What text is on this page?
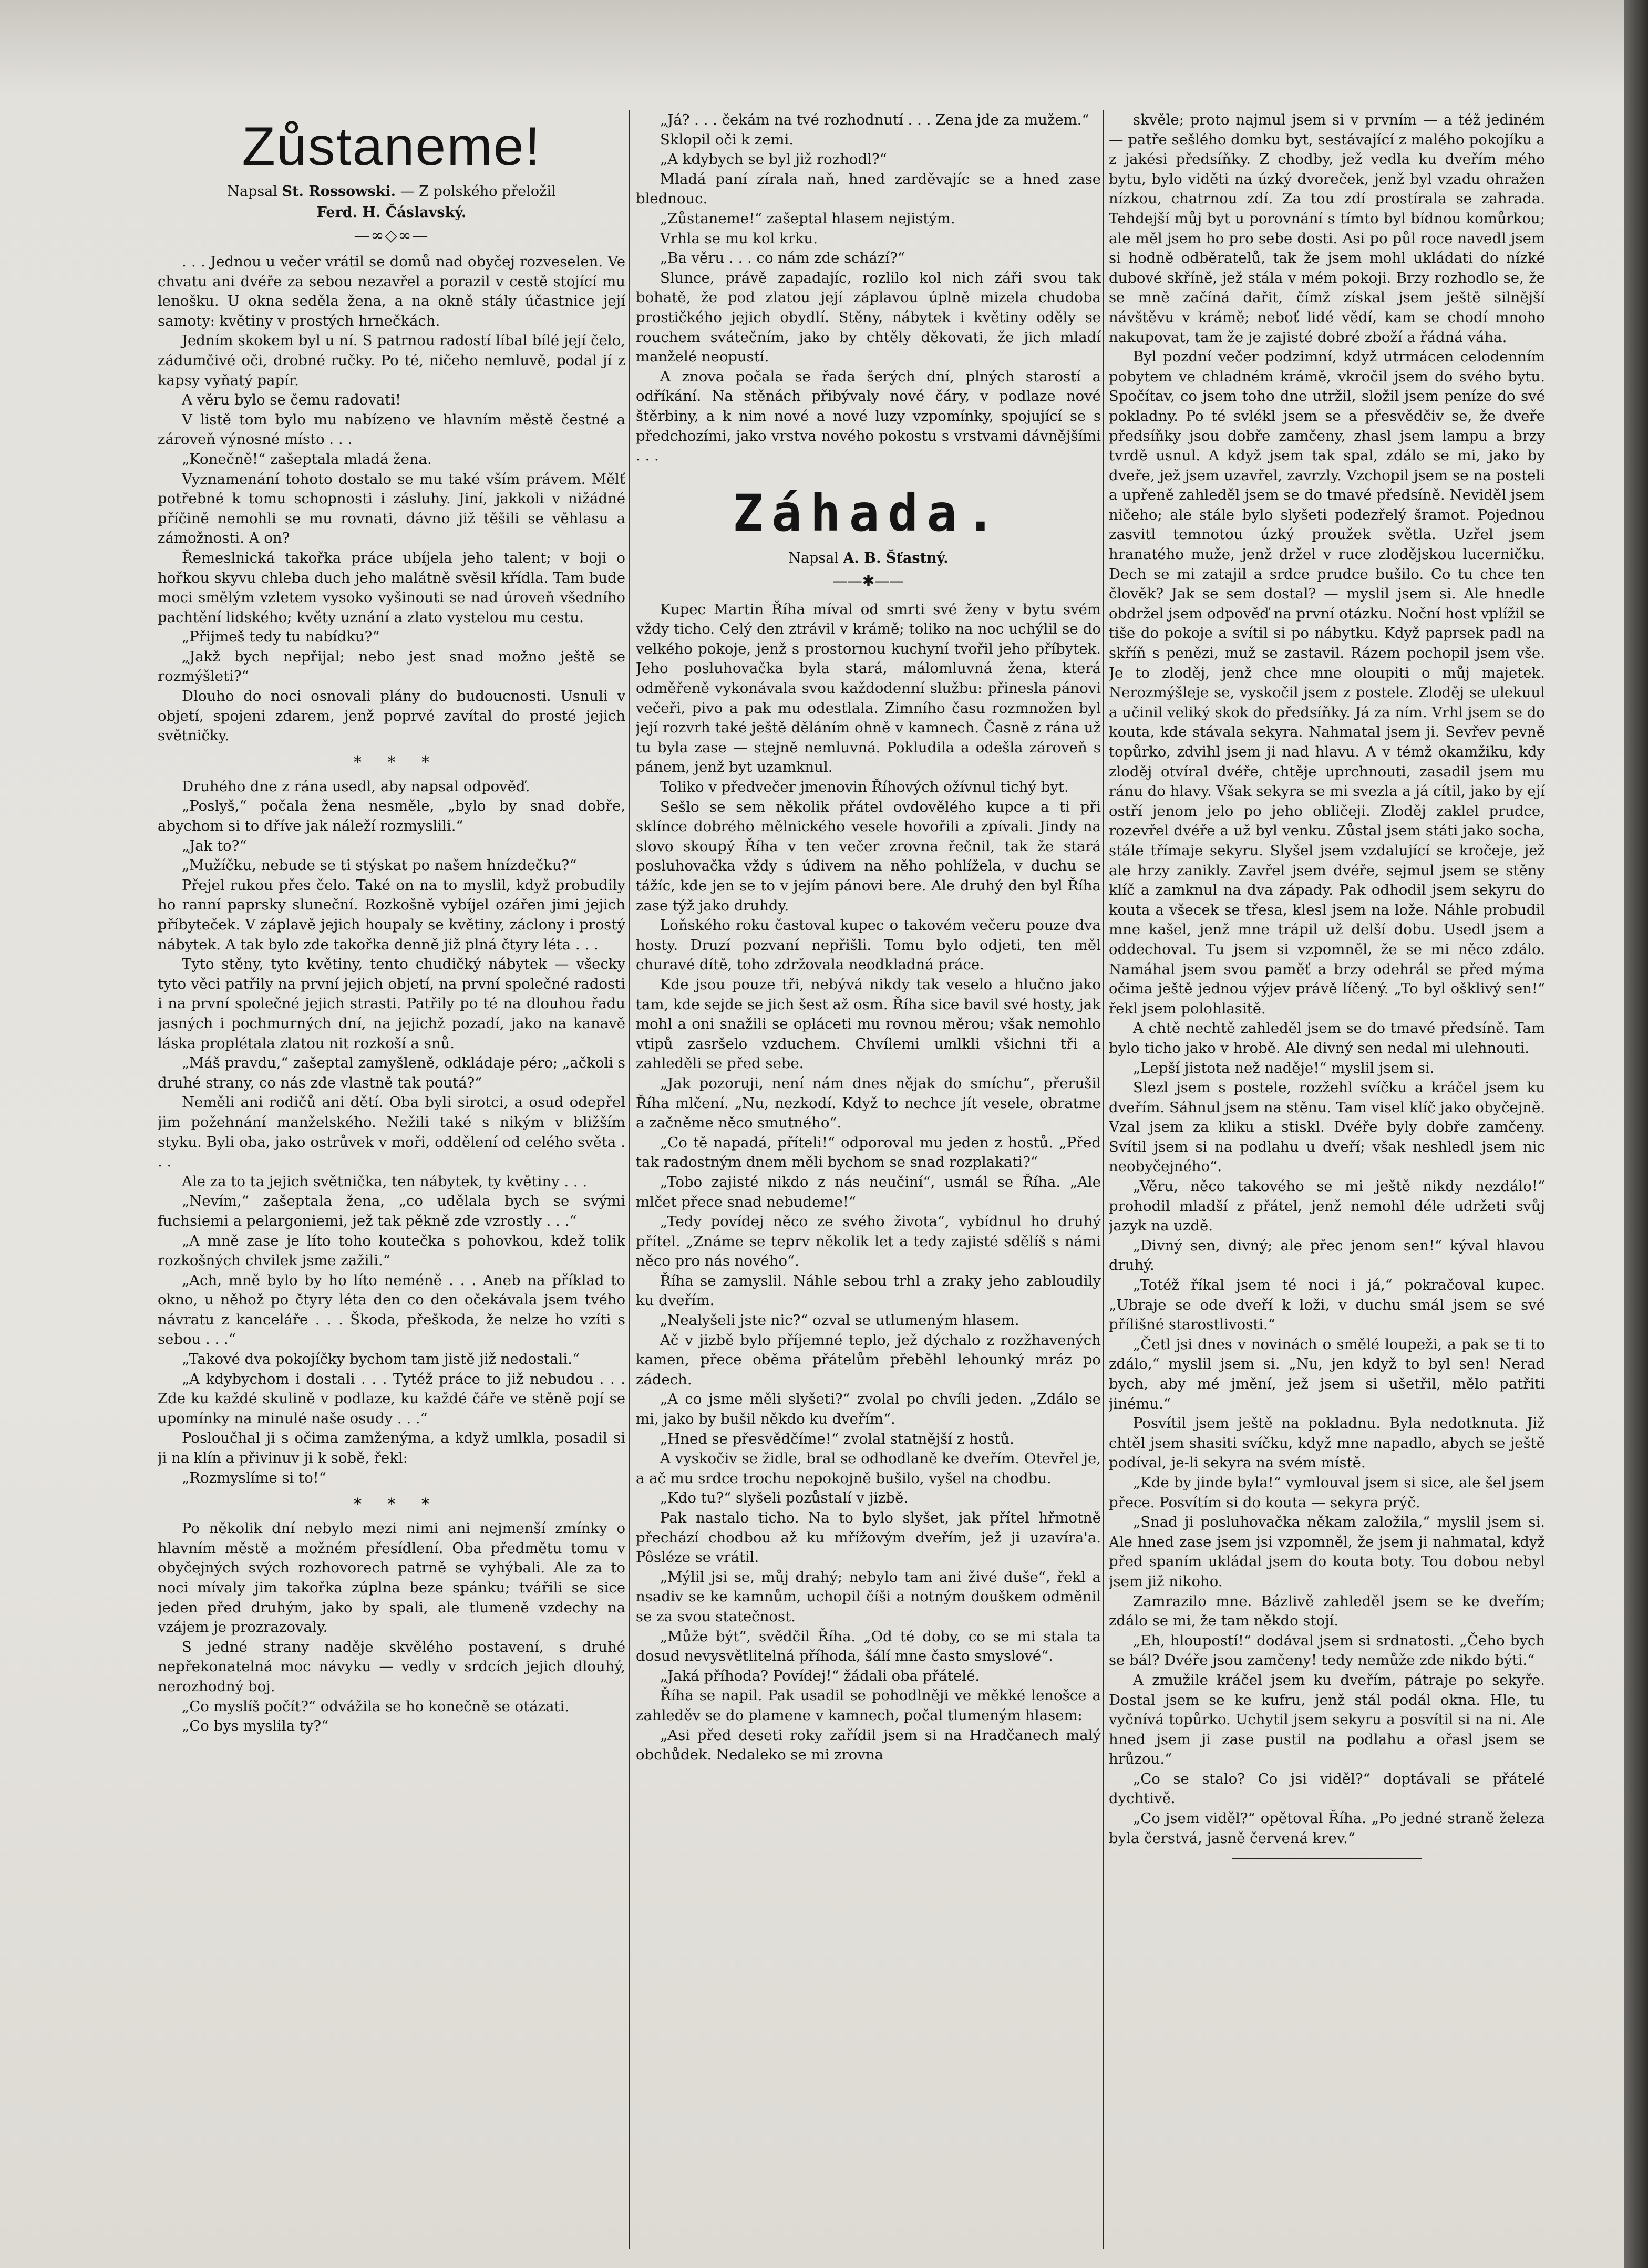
Zůstaneme!

Napsal St. Rossowski. — Z polského přeložil

Ferd. H. Čáslavský.

—∞◇∞—

. . . Jednou u večer vrátil se domů nad obyčej rozveselen. Ve chvatu ani dvéře za sebou nezavřel a porazil v cestě stojící mu lenošku. U okna seděla žena, a na okně stály účastnice její samoty: květiny v prostých hrnečkách.

Jedním skokem byl u ní. S patrnou radostí líbal bílé její čelo, zádumčivé oči, drobné ručky. Po té, ničeho nemluvě, podal jí z kapsy vyňatý papír.

A věru bylo se čemu radovati!

V listě tom bylo mu nabízeno ve hlavním městě čestné a zároveň výnosné místo . . .

„Konečně!“ zašeptala mladá žena.

Vyznamenání tohoto dostalo se mu také vším právem. Mělť potřebné k tomu schopnosti i zásluhy. Jiní, jakkoli v nižádné příčině nemohli se mu rovnati, dávno již těšili se věhlasu a zámožnosti. A on?

Řemeslnická takořka práce ubíjela jeho talent; v boji o hořkou skyvu chleba duch jeho malátně svěsil křídla. Tam bude moci smělým vzletem vysoko vyšinouti se nad úroveň všedního pachtění lidského; květy uznání a zlato vystelou mu cestu.

„Přijmeš tedy tu nabídku?“

„Jakž bych nepřijal; nebo jest snad možno ještě se rozmýšleti?“

Dlouho do noci osnovali plány do budoucnosti. Usnuli v objetí, spojeni zdarem, jenž poprvé zavítal do prosté jejich světničky.

* * *

Druhého dne z rána usedl, aby napsal odpověď.

„Poslyš,“ počala žena nesměle, „bylo by snad dobře, abychom si to dříve jak náleží rozmyslili.“

„Jak to?“

„Mužíčku, nebude se ti stýskat po našem hnízdečku?“

Přejel rukou přes čelo. Také on na to myslil, když probudily ho ranní paprsky sluneční. Rozkošně vybíjel ozářen jimi jejich příbyteček. V záplavě jejich houpaly se květiny, záclony i prostý nábytek. A tak bylo zde takořka denně již plná čtyry léta . . .

Tyto stěny, tyto květiny, tento chudičký nábytek — všecky tyto věci patřily na první jejich objetí, na první společné radosti i na první společné jejich strasti. Patřily po té na dlouhou řadu jasných i pochmurných dní, na jejichž pozadí, jako na kanavě láska proplétala zlatou nit rozkoší a snů.

„Máš pravdu,“ zašeptal zamyšleně, odkládaje péro; „ačkoli s druhé strany, co nás zde vlastně tak poutá?“

Neměli ani rodičů ani dětí. Oba byli sirotci, a osud odepřel jim požehnání manželského. Nežili také s nikým v bližším styku. Byli oba, jako ostrůvek v moři, oddělení od celého světa . . .

Ale za to ta jejich světnička, ten nábytek, ty květiny . . .

„Nevím,“ zašeptala žena, „co udělala bych se svými fuchsiemi a pelargoniemi, jež tak pěkně zde vzrostly . . .“

„A mně zase je líto toho koutečka s pohovkou, kdež tolik rozkošných chvilek jsme zažili.“

„Ach, mně bylo by ho líto neméně . . . Aneb na příklad to okno, u něhož po čtyry léta den co den očekávala jsem tvého návratu z kanceláře . . . Škoda, přeškoda, že nelze ho vzíti s sebou . . .“

„Takové dva pokojíčky bychom tam jistě již nedostali.“

„A kdybychom i dostali . . . Tytéž práce to již nebudou . . . Zde ku každé skulině v podlaze, ku každé čáře ve stěně pojí se upomínky na minulé naše osudy . . .“

Posloučhal ji s očima zamženýma, a když umlkla, posadil si ji na klín a přivinuv ji k sobě, řekl:

„Rozmyslíme si to!“

* * *

Po několik dní nebylo mezi nimi ani nejmenší zmínky o hlavním městě a možném přesídlení. Oba předmětu tomu v obyčejných svých rozhovorech patrně se vyhýbali. Ale za to noci mívaly jim takořka zúplna beze spánku; tvářili se sice jeden před druhým, jako by spali, ale tlumeně vzdechy na vzájem je prozrazovaly.

S jedné strany naděje skvělého postavení, s druhé nepřekonatelná moc návyku — vedly v srdcích jejich dlouhý, nerozhodný boj.

„Co myslíš počít?“ odvážila se ho konečně se otázati.

„Co bys myslila ty?“

„Já? . . . čekám na tvé rozhodnutí . . . Zena jde za mužem.“

Sklopil oči k zemi.

„A kdybych se byl již rozhodl?“

Mladá paní zírala naň, hned zarděvajíc se a hned zase blednouc.

„Zůstaneme!“ zašeptal hlasem nejistým.

Vrhla se mu kol krku.

„Ba věru . . . co nám zde schází?“

Slunce, právě zapadajíc, rozlilo kol nich záři svou tak bohatě, že pod zlatou její záplavou úplně mizela chudoba prostičkého jejich obydlí. Stěny, nábytek i květiny oděly se rouchem svátečním, jako by chtěly děkovati, že jich mladí manželé neopustí.

A znova počala se řada šerých dní, plných starostí a odříkání. Na stěnách přibývaly nové čáry, v podlaze nové štěrbiny, a k nim nové a nové luzy vzpomínky, spojující se s předchozími, jako vrstva nového pokostu s vrstvami dávnějšími . . .

Záhada.

Napsal A. B. Šťastný.

——✱——

Kupec Martin Říha míval od smrti své ženy v bytu svém vždy ticho. Celý den ztrávil v krámě; toliko na noc uchýlil se do velkého pokoje, jenž s prostornou kuchyní tvořil jeho příbytek. Jeho posluhovačka byla stará, málomluvná žena, která odměřeně vykonávala svou každodenní službu: přinesla pánovi večeři, pivo a pak mu odestlala. Zimního času rozmnožen byl její rozvrh také ještě děláním ohně v kamnech. Časně z rána už tu byla zase — stejně nemluvná. Pokludila a odešla zároveň s pánem, jenž byt uzamknul.

Toliko v předvečer jmenovin Říhových ožívnul tichý byt.

Sešlo se sem několik přátel ovdovělého kupce a ti při sklínce dobrého mělnického vesele hovořili a zpívali. Jindy na slovo skoupý Říha v ten večer zrovna řečnil, tak že stará posluhovačka vždy s údivem na něho pohlížela, v duchu se tážíc, kde jen se to v jejím pánovi bere. Ale druhý den byl Říha zase týž jako druhdy.

Loňského roku častoval kupec o takovém večeru pouze dva hosty. Druzí pozvaní nepřišli. Tomu bylo odjeti, ten měl churavé dítě, toho zdržovala neodkladná práce.

Kde jsou pouze tři, nebývá nikdy tak veselo a hlučno jako tam, kde sejde se jich šest až osm. Říha sice bavil své hosty, jak mohl a oni snažili se opláceti mu rovnou měrou; však nemohlo vtipů zasršelo vzduchem. Chvílemi umlkli všichni tři a zahleděli se před sebe.

„Jak pozoruji, není nám dnes nějak do smíchu“, přerušil Říha mlčení. „Nu, nezkodí. Když to nechce jít vesele, obratme a začněme něco smutného“.

„Co tě napadá, příteli!“ odporoval mu jeden z hostů. „Před tak radostným dnem měli bychom se snad rozplakati?“

„Tobo zajisté nikdo z nás neučiní“, usmál se Říha. „Ale mlčet přece snad nebudeme!“

„Tedy povídej něco ze svého života“, vybídnul ho druhý přítel. „Známe se teprv několik let a tedy zajisté sdělíš s námi něco pro nás nového“.

Říha se zamyslil. Náhle sebou trhl a zraky jeho zabloudily ku dveřím.

„Nealyšeli jste nic?“ ozval se utlumeným hlasem.

Ač v jizbě bylo příjemné teplo, jež dýchalo z rozžhavených kamen, přece oběma přátelům přeběhl lehounký mráz po zádech.

„A co jsme měli slyšeti?“ zvolal po chvíli jeden. „Zdálo se mi, jako by bušil někdo ku dveřím“.

„Hned se přesvědčíme!“ zvolal statnější z hostů.

A vyskočiv se židle, bral se odhodlaně ke dveřím. Otevřel je, a ač mu srdce trochu nepokojně bušilo, vyšel na chodbu.

„Kdo tu?“ slyšeli pozůstalí v jizbě.

Pak nastalo ticho. Na to bylo slyšet, jak přítel hřmotně přechází chodbou až ku mřížovým dveřím, jež ji uzavíra'a. Pôsléze se vrátil.

„Mýlil jsi se, můj drahý; nebylo tam ani živé duše“, řekl a nsadiv se ke kamnům, uchopil číši a notným douškem odměnil se za svou statečnost.

„Může být“, svědčil Říha. „Od té doby, co se mi stala ta dosud nevysvětlitelná příhoda, šálí mne často smyslové“.

„Jaká příhoda? Povídej!“ žádali oba přátelé.

Říha se napil. Pak usadil se pohodlněji ve měkké lenošce a zahleděv se do plamene v kamnech, počal tlumeným hlasem:

„Asi před deseti roky zařídil jsem si na Hradčanech malý obchůdek. Nedaleko se mi zrovna

skvěle; proto najmul jsem si v prvním — a též jediném — patře sešlého domku byt, sestávající z malého pokojíku a z jakési předsíňky. Z chodby, jež vedla ku dveřím mého bytu, bylo viděti na úzký dvoreček, jenž byl vzadu ohražen nízkou, chatrnou zdí. Za tou zdí prostírala se zahrada. Tehdejší můj byt u porovnání s tímto byl bídnou komůrkou; ale měl jsem ho pro sebe dosti. Asi po půl roce navedl jsem si hodně odběratelů, tak že jsem mohl ukládati do nízké dubové skříně, jež stála v mém pokoji. Brzy rozhodlo se, že se mně začíná dařit, čímž získal jsem ještě silnější návštěvu v krámě; neboť lidé vědí, kam se chodí mnoho nakupovat, tam že je zajisté dobré zboží a řádná váha.

Byl pozdní večer podzimní, když utrmácen celodenním pobytem ve chladném krámě, vkročil jsem do svého bytu. Spočítav, co jsem toho dne utržil, složil jsem peníze do své pokladny. Po té svlékl jsem se a přesvědčiv se, že dveře předsíňky jsou dobře zamčeny, zhasl jsem lampu a brzy tvrdě usnul. A když jsem tak spal, zdálo se mi, jako by dveře, jež jsem uzavřel, zavrzly. Vzchopil jsem se na posteli a upřeně zahleděl jsem se do tmavé předsíně. Neviděl jsem ničeho; ale stále bylo slyšeti podezřelý šramot. Pojednou zasvitl temnotou úzký proužek světla. Uzřel jsem hranatého muže, jenž držel v ruce zlodějskou lucerničku. Dech se mi zatajil a srdce prudce bušilo. Co tu chce ten člověk? Jak se sem dostal? — myslil jsem si. Ale hnedle obdržel jsem odpověď na první otázku. Noční host vplížil se tiše do pokoje a svítil si po nábytku. Když paprsek padl na skříň s penězi, muž se zastavil. Rázem pochopil jsem vše. Je to zloděj, jenž chce mne oloupiti o můj majetek. Nerozmýšleje se, vyskočil jsem z postele. Zloděj se ulekuul a učinil veliký skok do předsíňky. Já za ním. Vrhl jsem se do kouta, kde stávala sekyra. Nahmatal jsem ji. Sevřev pevně topůrko, zdvihl jsem ji nad hlavu. A v témž okamžiku, kdy zloděj otvíral dvéře, chtěje uprchnouti, zasadil jsem mu ránu do hlavy. Však sekyra se mi svezla a já cítil, jako by ejí ostří jenom jelo po jeho obličeji. Zloděj zaklel prudce, rozevřel dvéře a už byl venku. Zůstal jsem státi jako socha, stále třímaje sekyru. Slyšel jsem vzdalující se kročeje, jež ale hrzy zanikly. Zavřel jsem dvéře, sejmul jsem se stěny klíč a zamknul na dva západy. Pak odhodil jsem sekyru do kouta a všecek se třesa, klesl jsem na lože. Náhle probudil mne kašel, jenž mne trápil už delší dobu. Usedl jsem a oddechoval. Tu jsem si vzpomněl, že se mi něco zdálo. Namáhal jsem svou paměť a brzy odehrál se před mýma očima ještě jednou výjev právě líčený. „To byl ošklivý sen!“ řekl jsem polohlasitě.

A chtě nechtě zahleděl jsem se do tmavé předsíně. Tam bylo ticho jako v hrobě. Ale divný sen nedal mi ulehnouti.

„Lepší jistota než naděje!“ myslil jsem si.

Slezl jsem s postele, rozžehl svíčku a kráčel jsem ku dveřím. Sáhnul jsem na stěnu. Tam visel klíč jako obyčejně. Vzal jsem za kliku a stiskl. Dvéře byly dobře zamčeny. Svítil jsem si na podlahu u dveří; však neshledl jsem nic neobyčejného“.

„Věru, něco takového se mi ještě nikdy nezdálo!“ prohodil mladší z přátel, jenž nemohl déle udržeti svůj jazyk na uzdě.

„Divný sen, divný; ale přec jenom sen!“ kýval hlavou druhý.

„Totéž říkal jsem té noci i já,“ pokračoval kupec. „Ubraje se ode dveří k loži, v duchu smál jsem se své přílišné starostlivosti.“

„Četl jsi dnes v novinách o smělé loupeži, a pak se ti to zdálo,“ myslil jsem si. „Nu, jen když to byl sen! Nerad bych, aby mé jmění, jež jsem si ušetřil, mělo patřiti jinému.“

Posvítil jsem ještě na pokladnu. Byla nedotknuta. Již chtěl jsem shasiti svíčku, když mne napadlo, abych se ještě podíval, je-li sekyra na svém místě.

„Kde by jinde byla!“ vymlouval jsem si sice, ale šel jsem přece. Posvítím si do kouta — sekyra prýč.

„Snad ji posluhovačka někam založila,“ myslil jsem si. Ale hned zase jsem jsi vzpomněl, že jsem ji nahmatal, když před spaním ukládal jsem do kouta boty. Tou dobou nebyl jsem již nikoho.

Zamrazilo mne. Bázlivě zahleděl jsem se ke dveřím; zdálo se mi, že tam někdo stojí.

„Eh, hloupostí!“ dodával jsem si srdnatosti. „Čeho bych se bál? Dvéře jsou zamčeny! tedy nemůže zde nikdo býti.“

A zmužile kráčel jsem ku dveřím, pátraje po sekyře. Dostal jsem se ke kufru, jenž stál podál okna. Hle, tu vyčnívá topůrko. Uchytil jsem sekyru a posvítil si na ni. Ale hned jsem ji zase pustil na podlahu a ořasl jsem se hrůzou.“

„Co se stalo? Co jsi viděl?“ doptávali se přátelé dychtivě.

„Co jsem viděl?“ opětoval Říha. „Po jedné straně železa byla čerstvá, jasně červená krev.“
